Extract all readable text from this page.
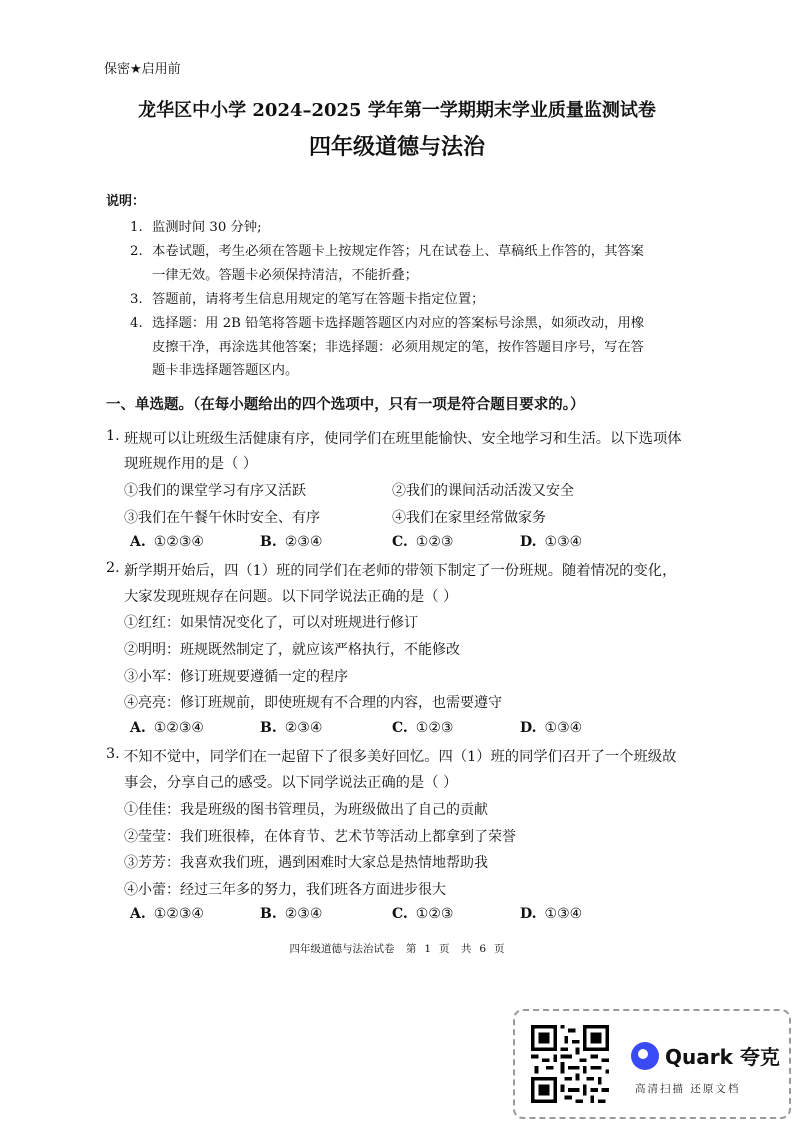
保密★启用前
龙华区中小学 2024–2025 学年第一学期期末学业质量监测试卷
四年级道德与法治
说明：
1. 监测时间 30 分钟;
2. 本卷试题，考生必须在答题卡上按规定作答；凡在试卷上、草稿纸上作答的，其答案
一律无效。答题卡必须保持清洁，不能折叠；
3. 答题前，请将考生信息用规定的笔写在答题卡指定位置；
4. 选择题：用 2B 铅笔将答题卡选择题答题区内对应的答案标号涂黑，如须改动，用橡
皮擦干净，再涂选其他答案；非选择题：必须用规定的笔，按作答题目序号，写在答
题卡非选择题答题区内。
一、单选题。（在每小题给出的四个选项中，只有一项是符合题目要求的。）
1. 班规可以让班级生活健康有序，使同学们在班里能愉快、安全地学习和生活。以下选项体
现班规作用的是（ ）
①我们的课堂学习有序又活跃	②我们的课间活动活泼又安全
③我们在午餐午休时安全、有序	④我们在家里经常做家务
A. ①②③④	B. ②③④	C. ①②③	D. ①③④
2. 新学期开始后，四（1）班的同学们在老师的带领下制定了一份班规。随着情况的变化，
大家发现班规存在问题。以下同学说法正确的是（ ）
①红红：如果情况变化了，可以对班规进行修订
②明明：班规既然制定了，就应该严格执行，不能修改
③小军：修订班规要遵循一定的程序
④亮亮：修订班规前，即使班规有不合理的内容，也需要遵守
A. ①②③④	B. ②③④	C. ①②③	D. ①③④
3. 不知不觉中，同学们在一起留下了很多美好回忆。四（1）班的同学们召开了一个班级故
事会，分享自己的感受。以下同学说法正确的是（ ）
①佳佳：我是班级的图书管理员，为班级做出了自己的贡献
②莹莹：我们班很棒，在体育节、艺术节等活动上都拿到了荣誉
③芳芳：我喜欢我们班，遇到困难时大家总是热情地帮助我
④小蕾：经过三年多的努力，我们班各方面进步很大
A. ①②③④	B. ②③④	C. ①②③	D. ①③④
四年级道德与法治试卷 第 1 页 共 6 页
Quark 夸克
高清扫描 还原文档
